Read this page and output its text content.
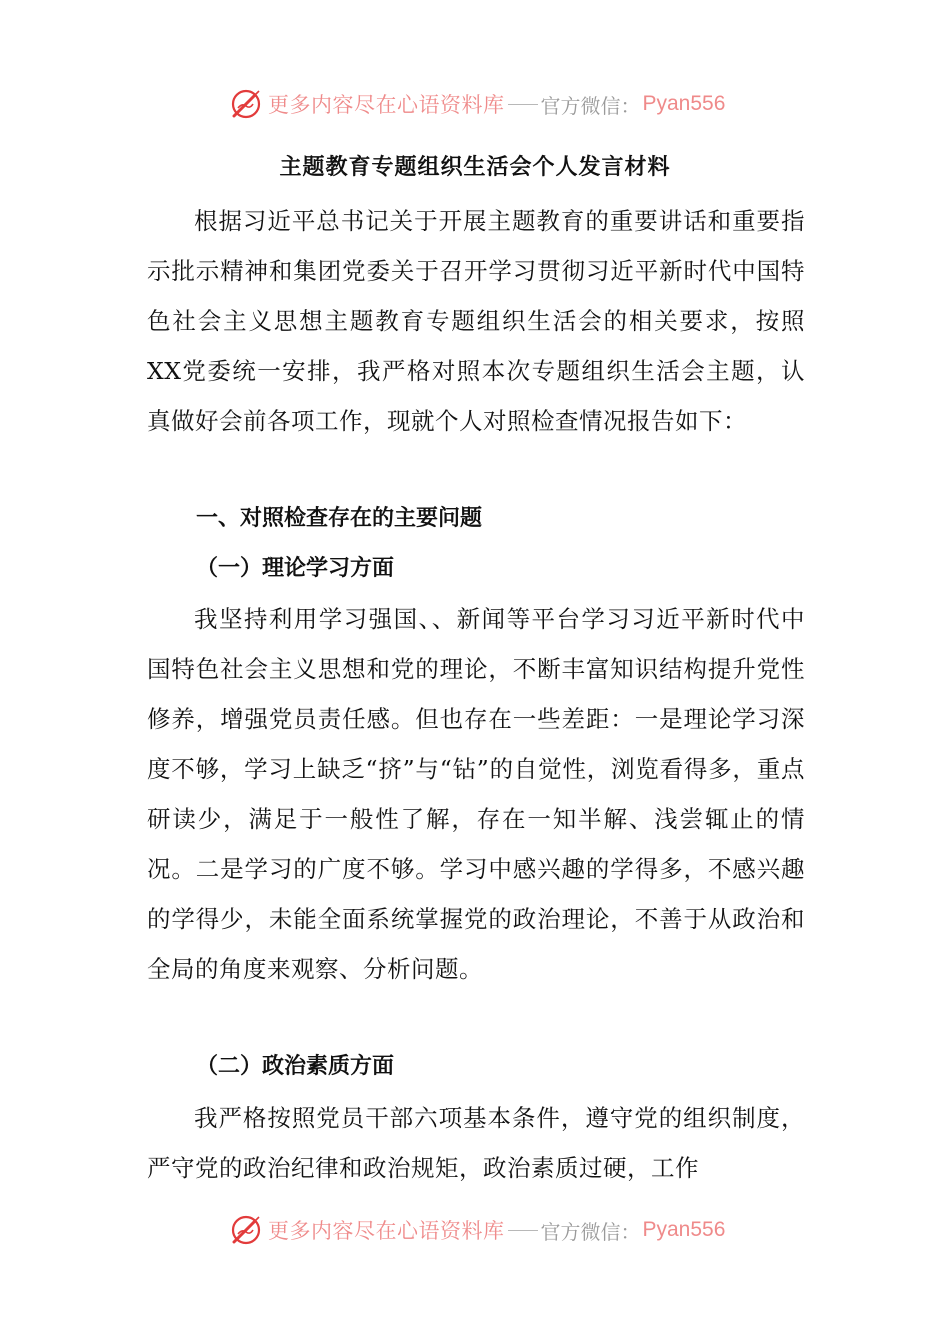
更多内容尽在心语资料库 官方微信： Pyan556
主题教育专题组织生活会个人发言材料

根据习近平总书记关于开展主题教育的重要讲话和重要指示批示精神和集团党委关于召开学习贯彻习近平新时代中国特色社会主义思想主题教育专题组织生活会的相关要求，按照XX党委统一安排，我严格对照本次专题组织生活会主题，认真做好会前各项工作，现就个人对照检查情况报告如下：

一、对照检查存在的主要问题
（一）理论学习方面

我坚持利用学习强国、、新闻等平台学习习近平新时代中国特色社会主义思想和党的理论，不断丰富知识结构提升党性修养，增强党员责任感。但也存在一些差距：一是理论学习深度不够，学习上缺乏“挤”与“钻”的自觉性，浏览看得多，重点研读少，满足于一般性了解，存在一知半解、浅尝辄止的情况。二是学习的广度不够。学习中感兴趣的学得多，不感兴趣的学得少，未能全面系统掌握党的政治理论，不善于从政治和全局的角度来观察、分析问题。

（二）政治素质方面

我严格按照党员干部六项基本条件，遵守党的组织制度，严守党的政治纪律和政治规矩，政治素质过硬，工作

更多内容尽在心语资料库 官方微信： Pyan556
